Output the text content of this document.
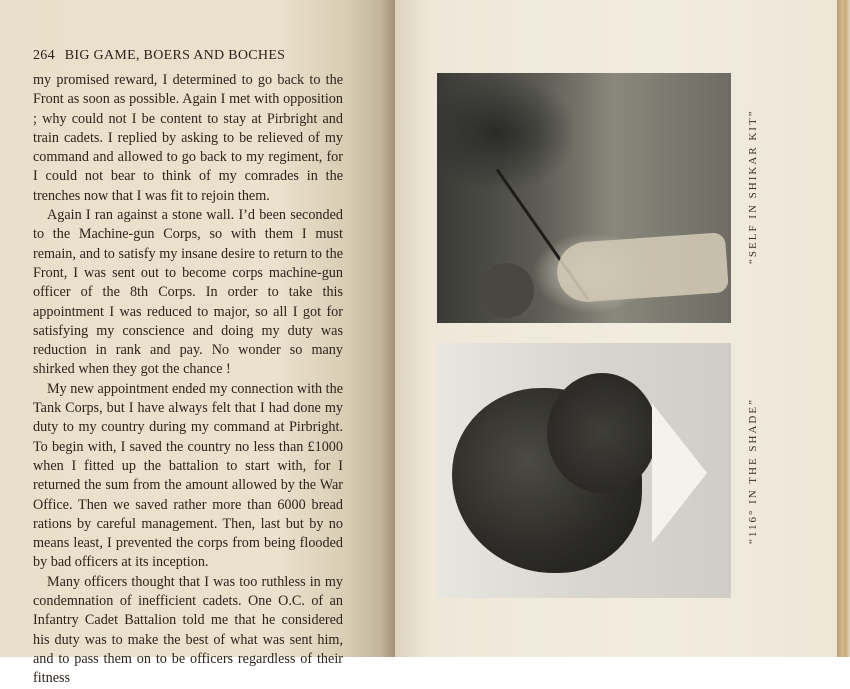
264 BIG GAME, BOERS AND BOCHES

my promised reward, I determined to go back to the Front as soon as possible. Again I met with opposition ; why could not I be content to stay at Pirbright and train cadets. I replied by asking to be relieved of my command and allowed to go back to my regiment, for I could not bear to think of my comrades in the trenches now that I was fit to rejoin them.

Again I ran against a stone wall. I’d been seconded to the Machine-gun Corps, so with them I must remain, and to satisfy my insane desire to return to the Front, I was sent out to become corps machine-gun officer of the 8th Corps. In order to take this appointment I was reduced to major, so all I got for satisfying my conscience and doing my duty was reduction in rank and pay. No wonder so many shirked when they got the chance !

My new appointment ended my connection with the Tank Corps, but I have always felt that I had done my duty to my country during my command at Pirbright. To begin with, I saved the country no less than £1000 when I fitted up the battalion to start with, for I returned the sum from the amount allowed by the War Office. Then we saved rather more than 6000 bread rations by careful management. Then, last but by no means least, I prevented the corps from being flooded by bad officers at its inception.

Many officers thought that I was too ruthless in my condemnation of inefficient cadets. One O.C. of an Infantry Cadet Battalion told me that he considered his duty was to make the best of what was sent him, and to pass them on to be officers regardless of their fitness

“SELF IN SHIKAR KIT”
“116° IN THE SHADE”
